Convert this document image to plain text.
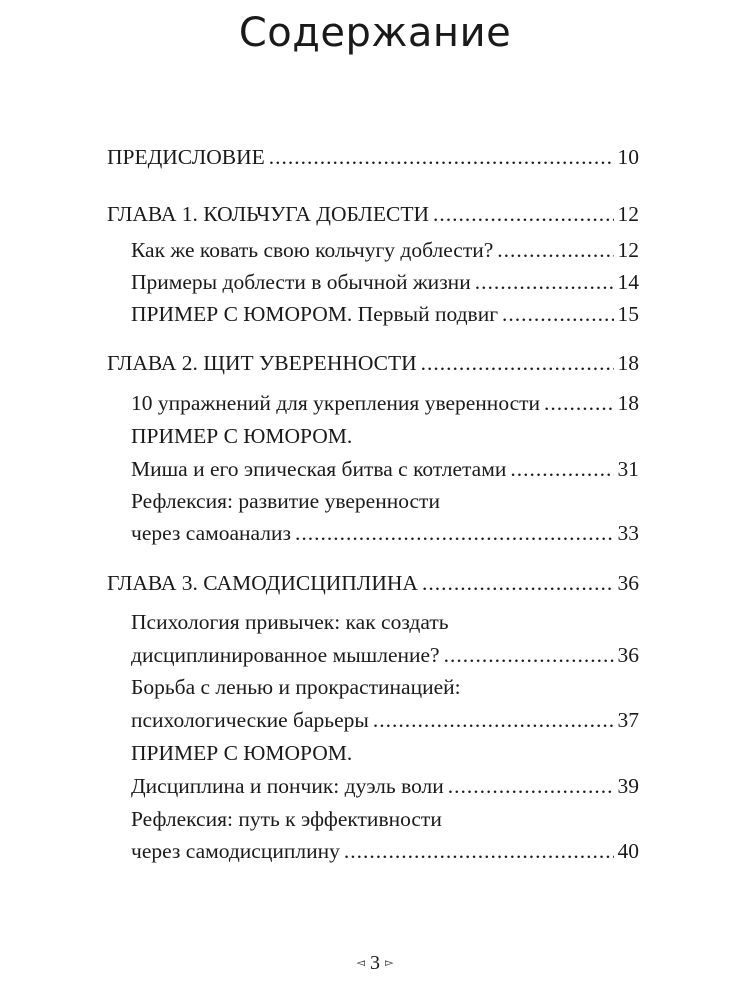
Содержание
ПРЕДИСЛОВИЕ .....	10
ГЛАВА 1. КОЛЬЧУГА ДОБЛЕСТИ .....	12
Как же ковать свою кольчугу доблести? .....	12
Примеры доблести в обычной жизни .....	14
ПРИМЕР С ЮМОРОМ. Первый подвиг .....	15
ГЛАВА 2. ЩИТ УВЕРЕННОСТИ .....	18
10 упражнений для укрепления уверенности .....	18
ПРИМЕР С ЮМОРОМ.
Миша и его эпическая битва с котлетами .....	31
Рефлексия: развитие уверенности
через самоанализ .....	33
ГЛАВА 3. САМОДИСЦИПЛИНА .....	36
Психология привычек: как создать
дисциплинированное мышление? .....	36
Борьба с ленью и прокрастинацией:
психологические барьеры .....	37
ПРИМЕР С ЮМОРОМ.
Дисциплина и пончик: дуэль воли .....	39
Рефлексия: путь к эффективности
через самодисциплину .....	40
◅ 3 ▻
